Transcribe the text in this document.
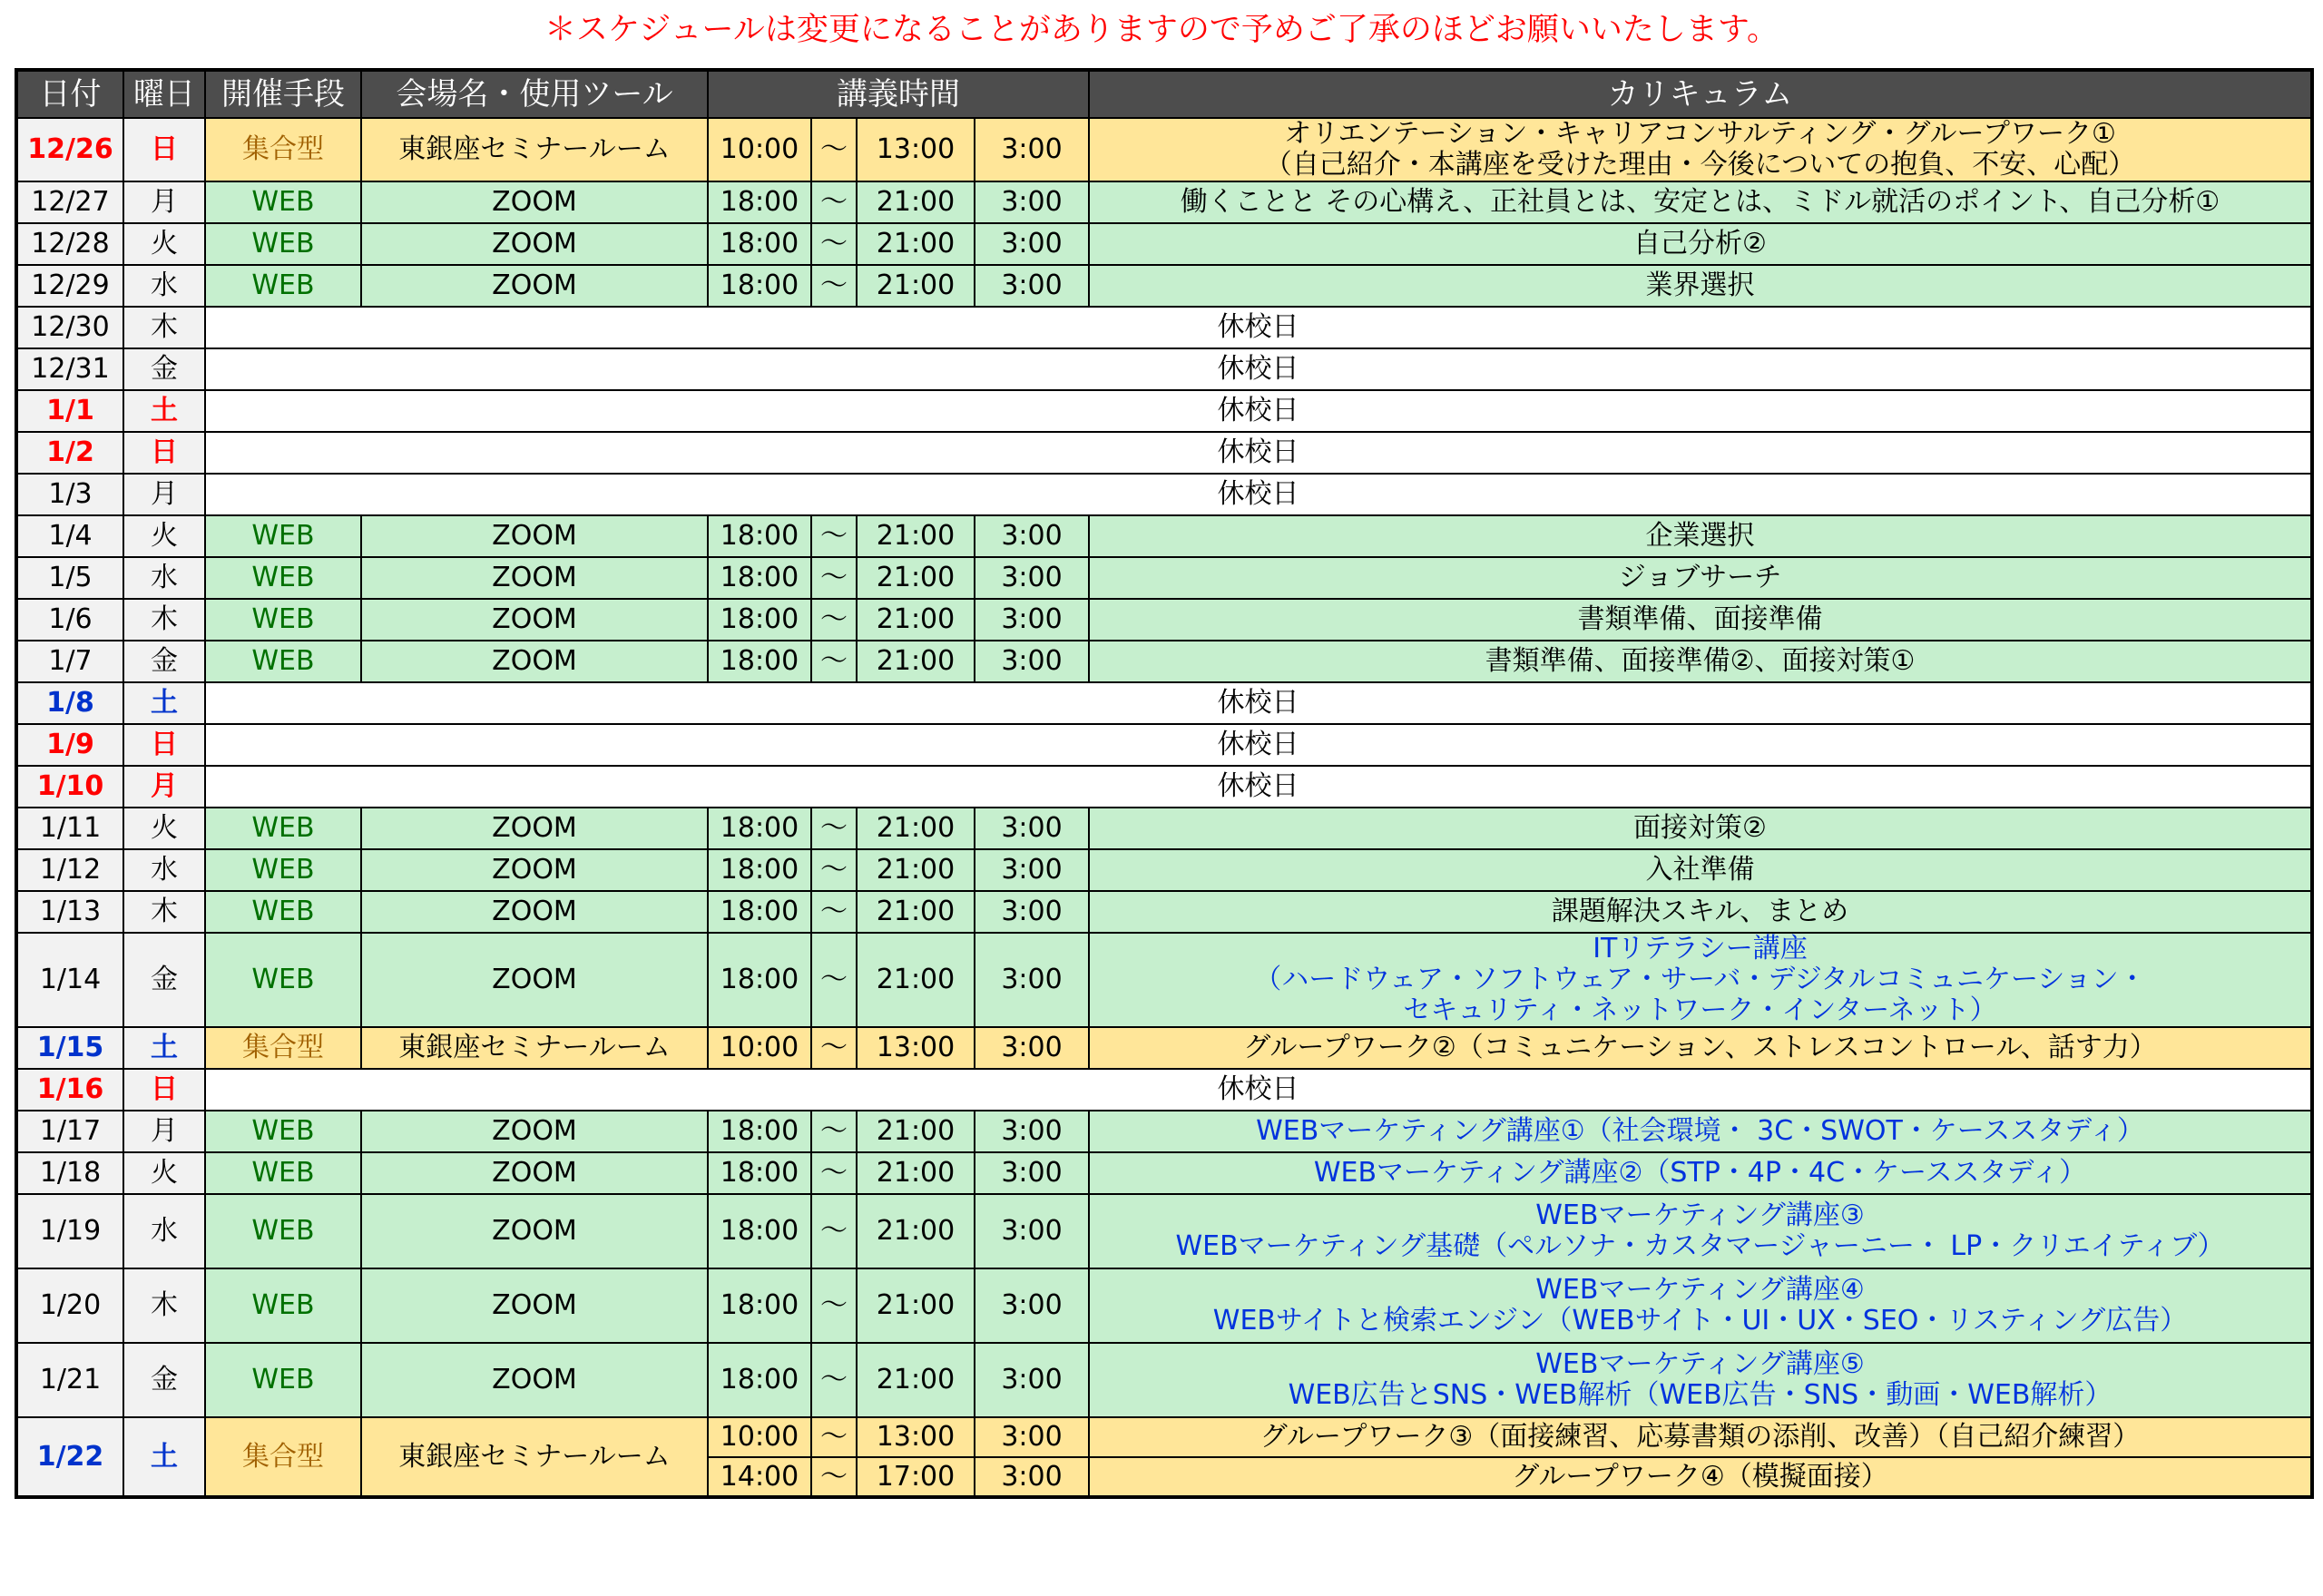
＊スケジュールは変更になることがありますので予めご了承のほどお願いいたします。
日付	曜日	開催手段	会場名・使用ツール	講義時間				カリキュラム
12/26	日	集合型	東銀座セミナールーム	10:00	～	13:00	3:00	オリエンテーション・キャリアコンサルティング・グループワーク①
（自己紹介・本講座を受けた理由・今後についての抱負、不安、心配）

12/27	月	WEB	ZOOM	18:00	～	21:00	3:00	働くことと その心構え、正社員とは、安定とは、ミドル就活のポイント、自己分析①

12/28	火	WEB	ZOOM	18:00	～	21:00	3:00	自己分析②

12/29	水	WEB	ZOOM	18:00	～	21:00	3:00	業界選択

12/30	木	休校日						
12/31	金	休校日						
1/1	土	休校日						
1/2	日	休校日						
1/3	月	休校日						
1/4	火	WEB	ZOOM	18:00	～	21:00	3:00	企業選択

1/5	水	WEB	ZOOM	18:00	～	21:00	3:00	ジョブサーチ

1/6	木	WEB	ZOOM	18:00	～	21:00	3:00	書類準備、面接準備

1/7	金	WEB	ZOOM	18:00	～	21:00	3:00	書類準備、面接準備②、面接対策①

1/8	土	休校日						
1/9	日	休校日						
1/10	月	休校日						
1/11	火	WEB	ZOOM	18:00	～	21:00	3:00	面接対策②

1/12	水	WEB	ZOOM	18:00	～	21:00	3:00	入社準備

1/13	木	WEB	ZOOM	18:00	～	21:00	3:00	課題解決スキル、まとめ

1/14	金	WEB	ZOOM	18:00	～	21:00	3:00	ITリテラシー講座
（ハードウェア・ソフトウェア・サーバ・デジタルコミュニケーション・
セキュリティ・ネットワーク・インターネット）

1/15	土	集合型	東銀座セミナールーム	10:00	～	13:00	3:00	グループワーク②（コミュニケーション、ストレスコントロール、話す力）

1/16	日	休校日						
1/17	月	WEB	ZOOM	18:00	～	21:00	3:00	WEBマーケティング講座①（社会環境・ 3C・SWOT・ケーススタディ）

1/18	火	WEB	ZOOM	18:00	～	21:00	3:00	WEBマーケティング講座②（STP・4P・4C・ケーススタディ）

1/19	水	WEB	ZOOM	18:00	～	21:00	3:00	WEBマーケティング講座③
WEBマーケティング基礎（ペルソナ・カスタマージャーニー・ LP・クリエイティブ）

1/20	木	WEB	ZOOM	18:00	～	21:00	3:00	WEBマーケティング講座④
WEBサイトと検索エンジン（WEBサイト・UI・UX・SEO・リスティング広告）

1/21	金	WEB	ZOOM	18:00	～	21:00	3:00	WEBマーケティング講座⑤
WEB広告とSNS・WEB解析（WEB広告・SNS・動画・WEB解析）

1/22	土	集合型	東銀座セミナールーム	10:00	～	13:00	3:00	グループワーク③（面接練習、応募書類の添削、改善）（自己紹介練習）
				14:00	～	17:00	3:00	グループワーク④（模擬面接）
